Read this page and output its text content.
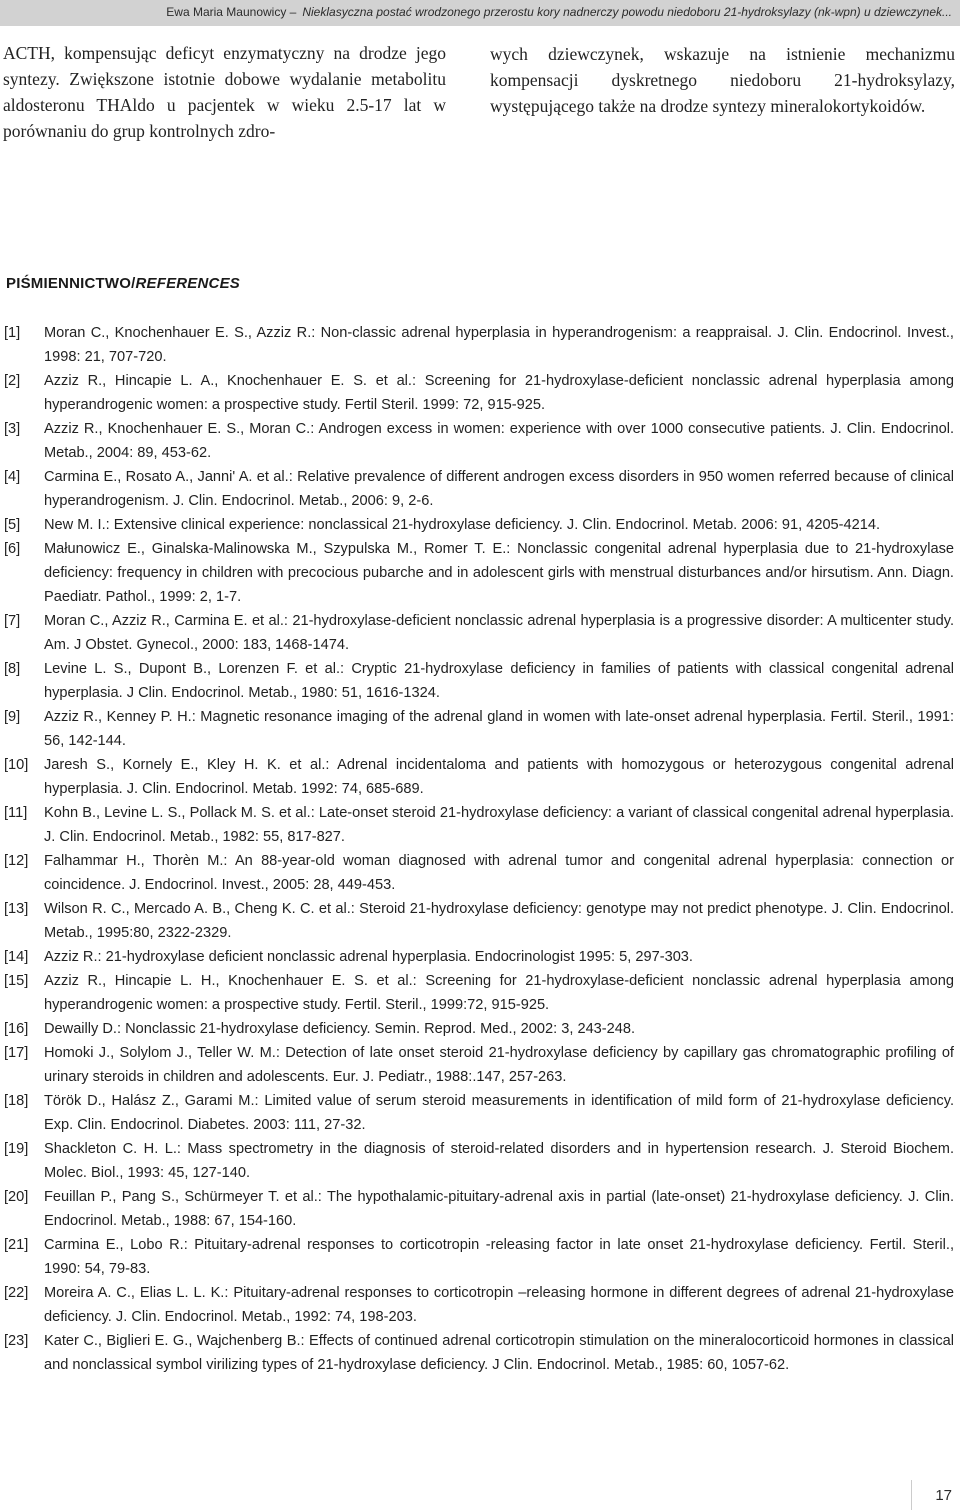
Ewa Maria Maunowicy – Nieklasyczna postać wrodzonego przerostu kory nadnerczy powodu niedoboru 21-hydroksylazy (nk-wpn) u dziewczynek...
ACTH, kompensując deficyt enzymatyczny na drodze jego syntezy. Zwiększone istotnie dobowe wydalanie metabolitu aldosteronu THAldo u pacjentek w wieku 2.5-17 lat w porównaniu do grup kontrolnych zdro-
wych dziewczynek, wskazuje na istnienie mechanizmu kompensacji dyskretnego niedoboru 21-hydroksylazy, występującego także na drodze syntezy mineralokortykoidów.
PIŚMIENNICTWO/REFERENCES
[1] Moran C., Knochenhauer E. S., Azziz R.: Non-classic adrenal hyperplasia in hyperandrogenism: a reappraisal. J. Clin. Endocrinol. Invest., 1998: 21, 707-720.
[2] Azziz R., Hincapie L. A., Knochenhauer E. S. et al.: Screening for 21-hydroxylase-deficient nonclassic adrenal hyperplasia among hyperandrogenic women: a prospective study. Fertil Steril. 1999: 72, 915-925.
[3] Azziz R., Knochenhauer E. S., Moran C.: Androgen excess in women: experience with over 1000 consecutive patients. J. Clin. Endocrinol. Metab., 2004: 89, 453-62.
[4] Carmina E., Rosato A., Janni' A. et al.: Relative prevalence of different androgen excess disorders in 950 women referred because of clinical hyperandrogenism. J. Clin. Endocrinol. Metab., 2006: 9, 2-6.
[5] New M. I.: Extensive clinical experience: nonclassical 21-hydroxylase deficiency. J. Clin. Endocrinol. Metab. 2006: 91, 4205-4214.
[6] Małunowicz E., Ginalska-Malinowska M., Szypulska M., Romer T. E.: Nonclassic congenital adrenal hyperplasia due to 21-hydroxylase deficiency: frequency in children with precocious pubarche and in adolescent girls with menstrual disturbances and/or hirsutism. Ann. Diagn. Paediatr. Pathol., 1999: 2, 1-7.
[7] Moran C., Azziz R., Carmina E. et al.: 21-hydroxylase-deficient nonclassic adrenal hyperplasia is a progressive disorder: A multicenter study. Am. J Obstet. Gynecol., 2000: 183, 1468-1474.
[8] Levine L. S., Dupont B., Lorenzen F. et al.: Cryptic 21-hydroxylase deficiency in families of patients with classical congenital adrenal hyperplasia. J Clin. Endocrinol. Metab., 1980: 51, 1616-1324.
[9] Azziz R., Kenney P. H.: Magnetic resonance imaging of the adrenal gland in women with late-onset adrenal hyperplasia. Fertil. Steril., 1991: 56, 142-144.
[10] Jaresh S., Kornely E., Kley H. K. et al.: Adrenal incidentaloma and patients with homozygous or heterozygous congenital adrenal hyperplasia. J. Clin. Endocrinol. Metab. 1992: 74, 685-689.
[11] Kohn B., Levine L. S., Pollack M. S. et al.: Late-onset steroid 21-hydroxylase deficiency: a variant of classical congenital adrenal hyperplasia. J. Clin. Endocrinol. Metab., 1982: 55, 817-827.
[12] Falhammar H., Thorèn M.: An 88-year-old woman diagnosed with adrenal tumor and congenital adrenal hyperplasia: connection or coincidence. J. Endocrinol. Invest., 2005: 28, 449-453.
[13] Wilson R. C., Mercado A. B., Cheng K. C. et al.: Steroid 21-hydroxylase deficiency: genotype may not predict phenotype. J. Clin. Endocrinol. Metab., 1995:80, 2322-2329.
[14] Azziz R.: 21-hydroxylase deficient nonclassic adrenal hyperplasia. Endocrinologist 1995: 5, 297-303.
[15] Azziz R., Hincapie L. H., Knochenhauer E. S. et al.: Screening for 21-hydroxylase-deficient nonclassic adrenal hyperplasia among hyperandrogenic women: a prospective study. Fertil. Steril., 1999:72, 915-925.
[16] Dewailly D.: Nonclassic 21-hydroxylase deficiency. Semin. Reprod. Med., 2002: 3, 243-248.
[17] Homoki J., Solylom J., Teller W. M.: Detection of late onset steroid 21-hydroxylase deficiency by capillary gas chromatographic profiling of urinary steroids in children and adolescents. Eur. J. Pediatr., 1988:.147, 257-263.
[18] Török D., Halász Z., Garami M.: Limited value of serum steroid measurements in identification of mild form of 21-hydroxylase deficiency. Exp. Clin. Endocrinol. Diabetes. 2003: 111, 27-32.
[19] Shackleton C. H. L.: Mass spectrometry in the diagnosis of steroid-related disorders and in hypertension research. J. Steroid Biochem. Molec. Biol., 1993: 45, 127-140.
[20] Feuillan P., Pang S., Schürmeyer T. et al.: The hypothalamic-pituitary-adrenal axis in partial (late-onset) 21-hydroxylase deficiency. J. Clin. Endocrinol. Metab., 1988: 67, 154-160.
[21] Carmina E., Lobo R.: Pituitary-adrenal responses to corticotropin -releasing factor in late onset 21-hydroxylase deficiency. Fertil. Steril., 1990: 54, 79-83.
[22] Moreira A. C., Elias L. L. K.: Pituitary-adrenal responses to corticotropin –releasing hormone in different degrees of adrenal 21-hydroxylase deficiency. J. Clin. Endocrinol. Metab., 1992: 74, 198-203.
[23] Kater C., Biglieri E. G., Wajchenberg B.: Effects of continued adrenal corticotropin stimulation on the mineralocorticoid hormones in classical and nonclassical symbol virilizing types of 21-hydroxylase deficiency. J Clin. Endocrinol. Metab., 1985: 60, 1057-62.
17
